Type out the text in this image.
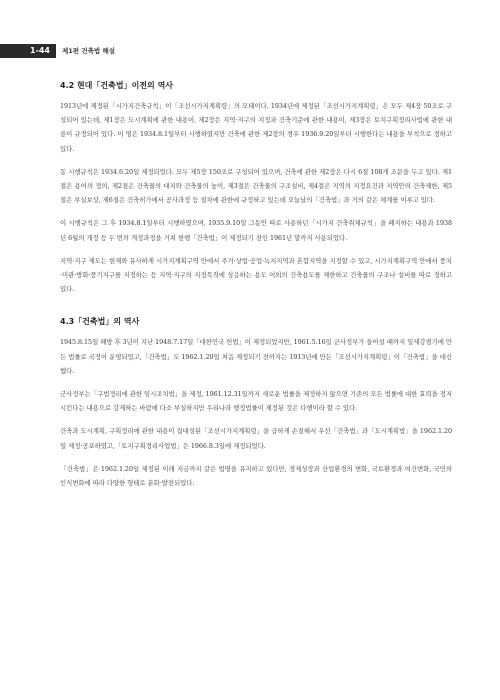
1-44	제1편 건축법 해설
4.2 현대「건축법」이전의 역사

1913년에 제정된「시가지건축규칙」이「조선시가지계획령」의 모태이다. 1934년에 제정된「조선시가지계획령」은 모두 제4장 50조로 구성되어 있는데, 제1장은 도시계획에 관한 내용이, 제2장은 지역·지구의 지정과 건축기준에 관한 내용이, 제3장은 토지구획정리사업에 관한 내용이 규정되어 있다. 이 영은 1934.8.1일부터 시행하였지만 건축에 관한 제2장의 경우 1936.9.20일부터 시행한다는 내용을 부칙으로 정하고 있다.

동 시행규칙은 1934.6.20일 제정되었다. 모두 제5장 150조로 구성되어 있으며, 건축에 관한 제2장은 다시 6절 108개 조문을 두고 있다. 제1절은 용어의 정의, 제2절은 건축물의 대지와 건축물의 높이, 제3절은 건축물의 구조설비, 제4절은 지역의 지정요건과 지역안의 건축제한, 제5절은 부실보상, 제6절은 건축허가에서 공사과정 등 절차에 관한에 규정하고 있는데 오늘날의「건축법」과 거의 같은 체계를 이루고 있다.

이 시행규칙은 그 후 1934.8.1일부터 시행하였으며, 1935.9.10일 그동안 따로 사용하던「시가지 건축취체규칙」을 폐지하는 내용과 1938년 6월의 개정 등 두 번의 개정과정을 거쳐 현행「건축법」이 제정되기 전인 1961년 말까지 사용되었다.

지역·지구 제도는 현재와 유사하게 시가지계획구역 안에서 주거·상업·공업·녹지지역과 혼합지역을 지정할 수 있고, 시가지계획구역 안에서 풍치·미관·방화·풍기지구를 지정하는 등 지역·지구의 지정목적에 상응하는 용도 이외의 건축용도를 제한하고 건축물의 구조나 설비를 따로 정하고 있다.

4.3「건축법」의 역사

1945.8.15일 해방 후 3년이 지난 1948.7.17일「대한민국 헌법」이 제정되었지만, 1961.5.16일 군사정부가 들어설 때까지 일제강점기에 만든 법률로 국정이 운영되었고,「건축법」도 1962.1.20일 처음 제정되기 전까지는 1913년에 만든「조선시가지계획령」이「건축법」을 대신했다.

군사정부는「구법정리에 관한 임시조치법」을 제정, 1961.12.31일까지 새로운 법률을 제정하지 않으면 기존의 모든 법률에 대한 효력을 정지시킨다는 내용으로 강제하는 바람에 다소 부실하지만 우리나라 행정법률이 제정된 것은 다행이라 할 수 있다.

건축과 도시계획, 구획정리에 관한 내용이 집대성된「조선시가지계획령」을 급하게 손질해서 우선「건축법」과「도시계획법」을 1962.1.20일 제정·공포하였고,「토지구획정리사업법」은 1966.8.3일에 제정되었다.

「건축법」은 1962.1.20일 제정된 이래 지금까지 같은 법명을 유지하고 있다만, 경제성장과 산업환경의 변화, 국토환경과 여건변화, 국민의 인식변화에 따라 다양한 형태로 분화·발전되었다.
